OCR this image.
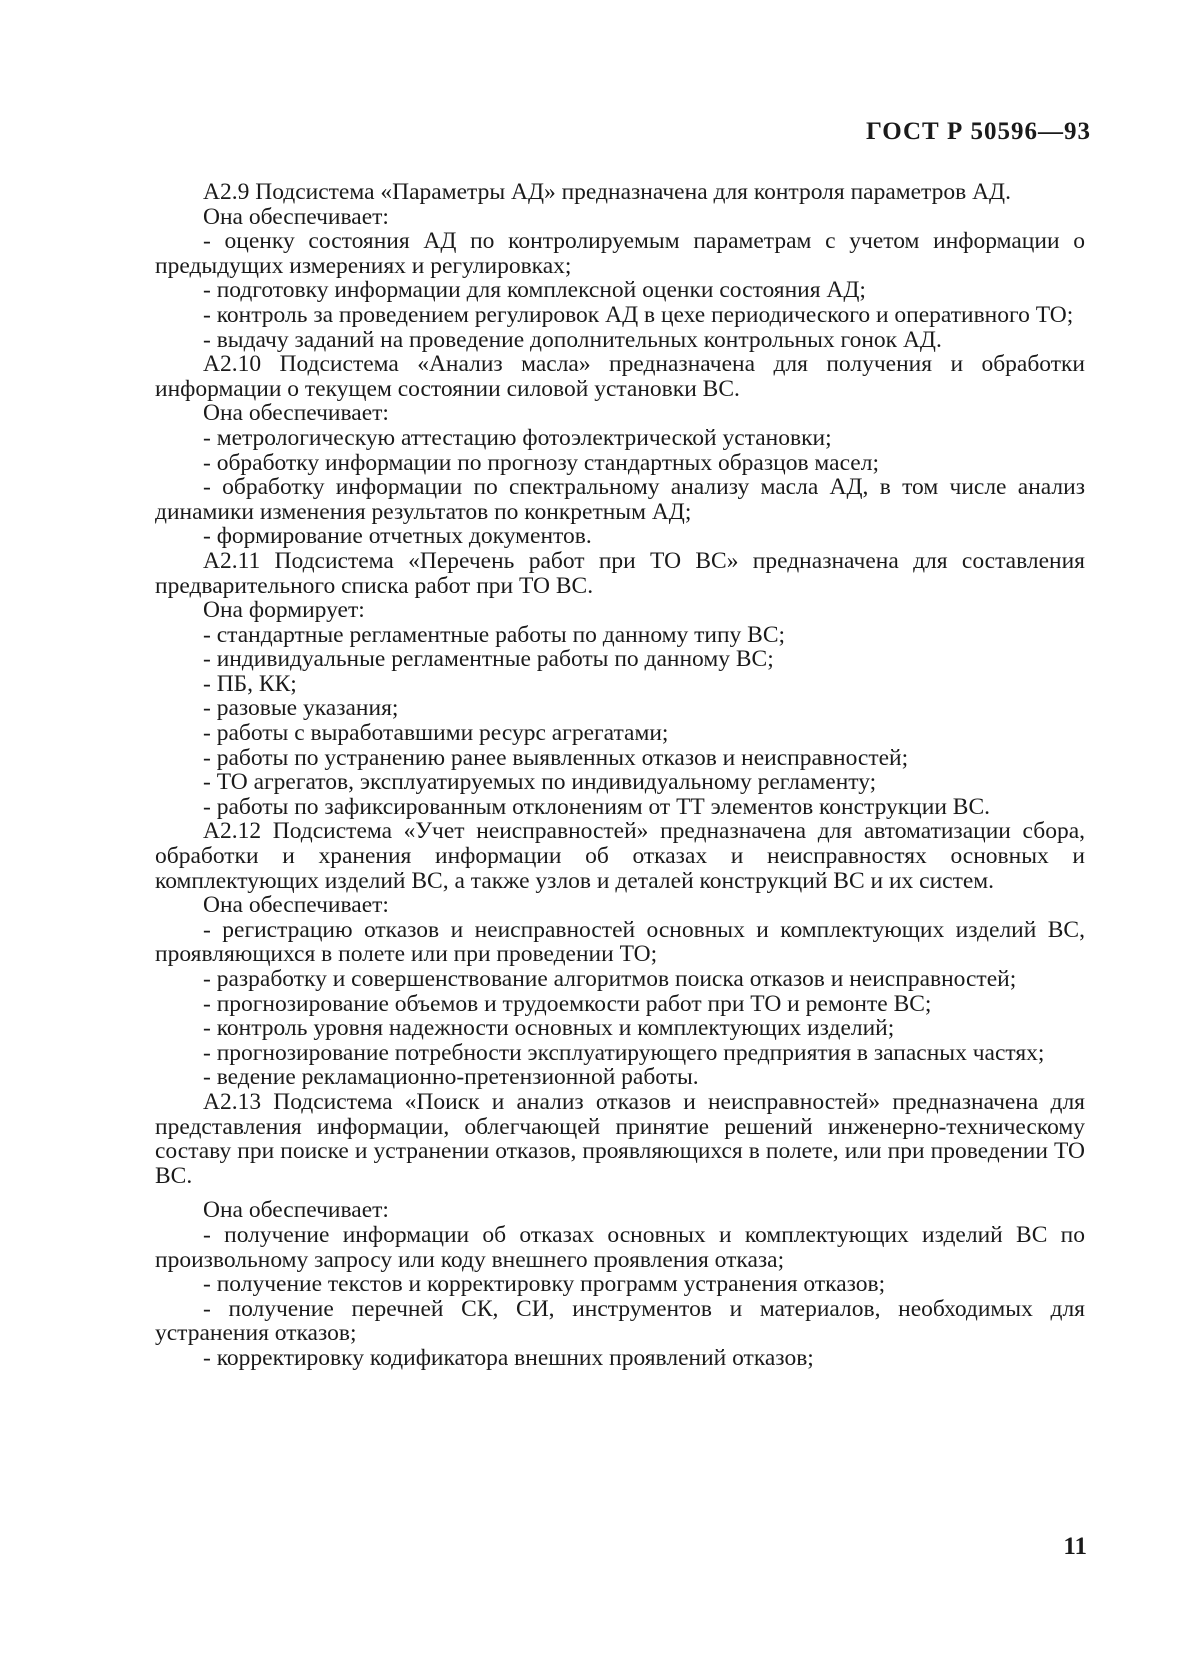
ГОСТ Р 50596—93

А2.9 Подсистема «Параметры АД» предназначена для контроля параметров АД.

Она обеспечивает:

- оценку состояния АД по контролируемым параметрам с учетом информации о предыдущих измерениях и регулировках;

- подготовку информации для комплексной оценки состояния АД;

- контроль за проведением регулировок АД в цехе периодического и оперативного ТО;

- выдачу заданий на проведение дополнительных контрольных гонок АД.

А2.10 Подсистема «Анализ масла» предназначена для получения и обработки информации о текущем состоянии силовой установки ВС.

Она обеспечивает:

- метрологическую аттестацию фотоэлектрической установки;

- обработку информации по прогнозу стандартных образцов масел;

- обработку информации по спектральному анализу масла АД, в том числе анализ динамики изменения результатов по конкретным АД;

- формирование отчетных документов.

А2.11 Подсистема «Перечень работ при ТО ВС» предназначена для составления предварительного списка работ при ТО ВС.

Она формирует:

- стандартные регламентные работы по данному типу ВС;

- индивидуальные регламентные работы по данному ВС;

- ПБ, КК;

- разовые указания;

- работы с выработавшими ресурс агрегатами;

- работы по устранению ранее выявленных отказов и неисправностей;

- ТО агрегатов, эксплуатируемых по индивидуальному регламенту;

- работы по зафиксированным отклонениям от ТТ элементов конструкции ВС.

А2.12 Подсистема «Учет неисправностей» предназначена для автоматизации сбора, обработки и хранения информации об отказах и неисправностях основных и комплектующих изделий ВС, а также узлов и деталей конструкций ВС и их систем.

Она обеспечивает:

- регистрацию отказов и неисправностей основных и комплектующих изделий ВС, проявляющихся в полете или при проведении ТО;

- разработку и совершенствование алгоритмов поиска отказов и неисправностей;

- прогнозирование объемов и трудоемкости работ при ТО и ремонте ВС;

- контроль уровня надежности основных и комплектующих изделий;

- прогнозирование потребности эксплуатирующего предприятия в запасных частях;

- ведение рекламационно-претензионной работы.

А2.13 Подсистема «Поиск и анализ отказов и неисправностей» предназначена для представления информации, облегчающей принятие решений инженерно-техническому составу при поиске и устранении отказов, проявляющихся в полете, или при проведении ТО ВС.

Она обеспечивает:

- получение информации об отказах основных и комплектующих изделий ВС по произвольному запросу или коду внешнего проявления отказа;

- получение текстов и корректировку программ устранения отказов;

- получение перечней СК, СИ, инструментов и материалов, необходимых для устранения отказов;

- корректировку кодификатора внешних проявлений отказов;

11
